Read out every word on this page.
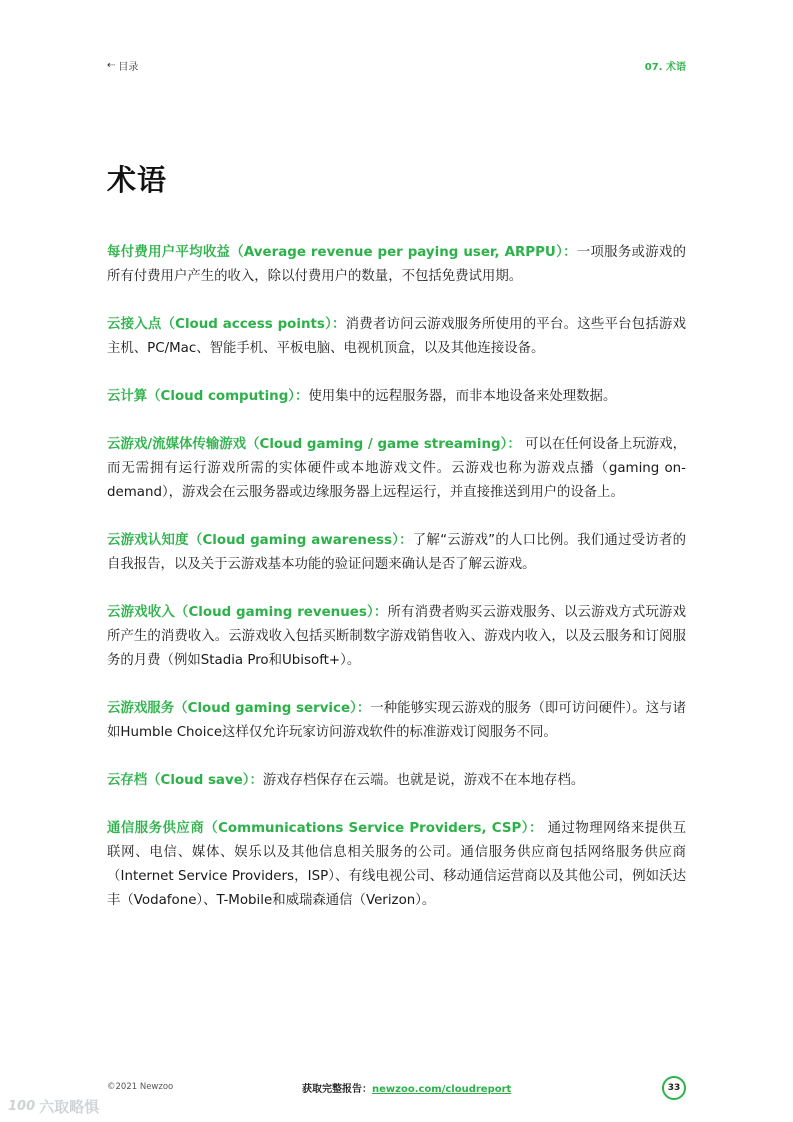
⇠ 目录	07. 术语
术语

每付费用户平均收益（Average revenue per paying user, ARPPU）：一项服务或游戏的所有付费用户产生的收入，除以付费用户的数量，不包括免费试用期。

云接入点（Cloud access points）：消费者访问云游戏服务所使用的平台。这些平台包括游戏主机、PC/Mac、智能手机、平板电脑、电视机顶盒，以及其他连接设备。

云计算（Cloud computing）：使用集中的远程服务器，而非本地设备来处理数据。

云游戏/流媒体传输游戏（Cloud gaming / game streaming）： 可以在任何设备上玩游戏，而无需拥有运行游戏所需的实体硬件或本地游戏文件。云游戏也称为游戏点播（gaming on-demand），游戏会在云服务器或边缘服务器上远程运行，并直接推送到用户的设备上。

云游戏认知度（Cloud gaming awareness）：了解“云游戏”的人口比例。我们通过受访者的自我报告，以及关于云游戏基本功能的验证问题来确认是否了解云游戏。

云游戏收入（Cloud gaming revenues）：所有消费者购买云游戏服务、以云游戏方式玩游戏所产生的消费收入。云游戏收入包括买断制数字游戏销售收入、游戏内收入，以及云服务和订阅服务的月费（例如Stadia Pro和Ubisoft+）。

云游戏服务（Cloud gaming service）：一种能够实现云游戏的服务（即可访问硬件）。这与诸如Humble Choice这样仅允许玩家访问游戏软件的标准游戏订阅服务不同。

云存档（Cloud save）：游戏存档保存在云端。也就是说，游戏不在本地存档。

通信服务供应商（Communications Service Providers, CSP）： 通过物理网络来提供互联网、电信、媒体、娱乐以及其他信息相关服务的公司。通信服务供应商包括网络服务供应商（Internet Service Providers，ISP）、有线电视公司、移动通信运营商以及其他公司，例如沃达丰（Vodafone）、T-Mobile和威瑞森通信（Verizon）。

©2021 Newzoo	获取完整报告：newzoo.com/cloudreport	33
100 六取略惧
